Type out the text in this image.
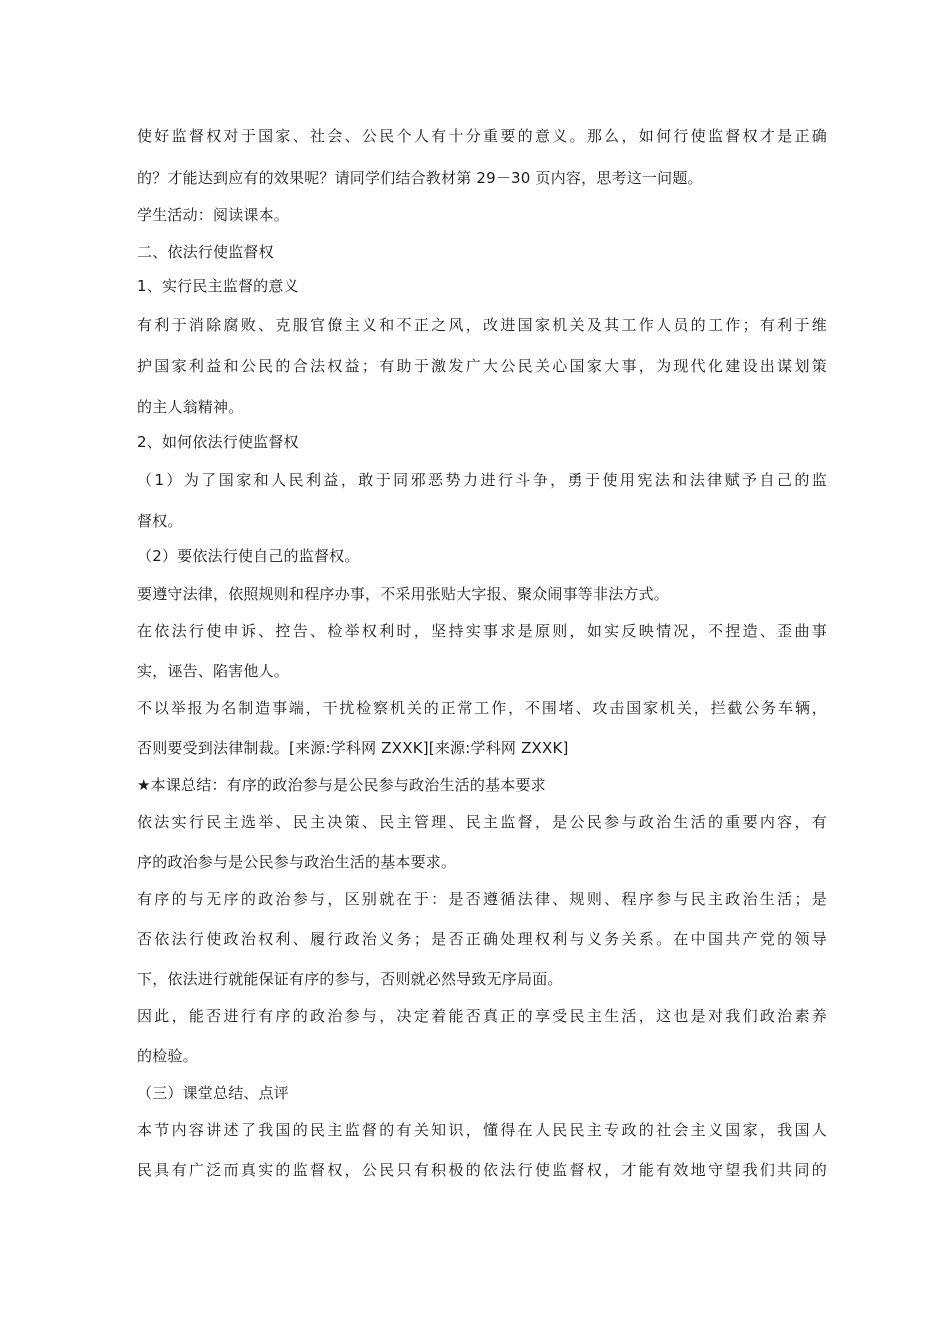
使好监督权对于国家、社会、公民个人有十分重要的意义。那么，如何行使监督权才是正确
的？才能达到应有的效果呢？请同学们结合教材第 29－30 页内容，思考这一问题。
学生活动：阅读课本。
二、依法行使监督权
1、实行民主监督的意义
有利于消除腐败、克服官僚主义和不正之风，改进国家机关及其工作人员的工作；有利于维
护国家利益和公民的合法权益；有助于激发广大公民关心国家大事，为现代化建设出谋划策
的主人翁精神。
2、如何依法行使监督权
（1）为了国家和人民利益，敢于同邪恶势力进行斗争，勇于使用宪法和法律赋予自己的监
督权。
（2）要依法行使自己的监督权。
要遵守法律，依照规则和程序办事，不采用张贴大字报、聚众闹事等非法方式。
在依法行使申诉、控告、检举权利时，坚持实事求是原则，如实反映情况，不捏造、歪曲事
实，诬告、陷害他人。
不以举报为名制造事端，干扰检察机关的正常工作，不围堵、攻击国家机关，拦截公务车辆，
否则要受到法律制裁。[来源:学科网 ZXXK][来源:学科网 ZXXK]
★本课总结：有序的政治参与是公民参与政治生活的基本要求
依法实行民主选举、民主决策、民主管理、民主监督，是公民参与政治生活的重要内容，有
序的政治参与是公民参与政治生活的基本要求。
有序的与无序的政治参与，区别就在于：是否遵循法律、规则、程序参与民主政治生活；是
否依法行使政治权利、履行政治义务；是否正确处理权利与义务关系。在中国共产党的领导
下，依法进行就能保证有序的参与，否则就必然导致无序局面。
因此，能否进行有序的政治参与，决定着能否真正的享受民主生活，这也是对我们政治素养
的检验。
（三）课堂总结、点评
本节内容讲述了我国的民主监督的有关知识，懂得在人民民主专政的社会主义国家，我国人
民具有广泛而真实的监督权，公民只有积极的依法行使监督权，才能有效地守望我们共同的
